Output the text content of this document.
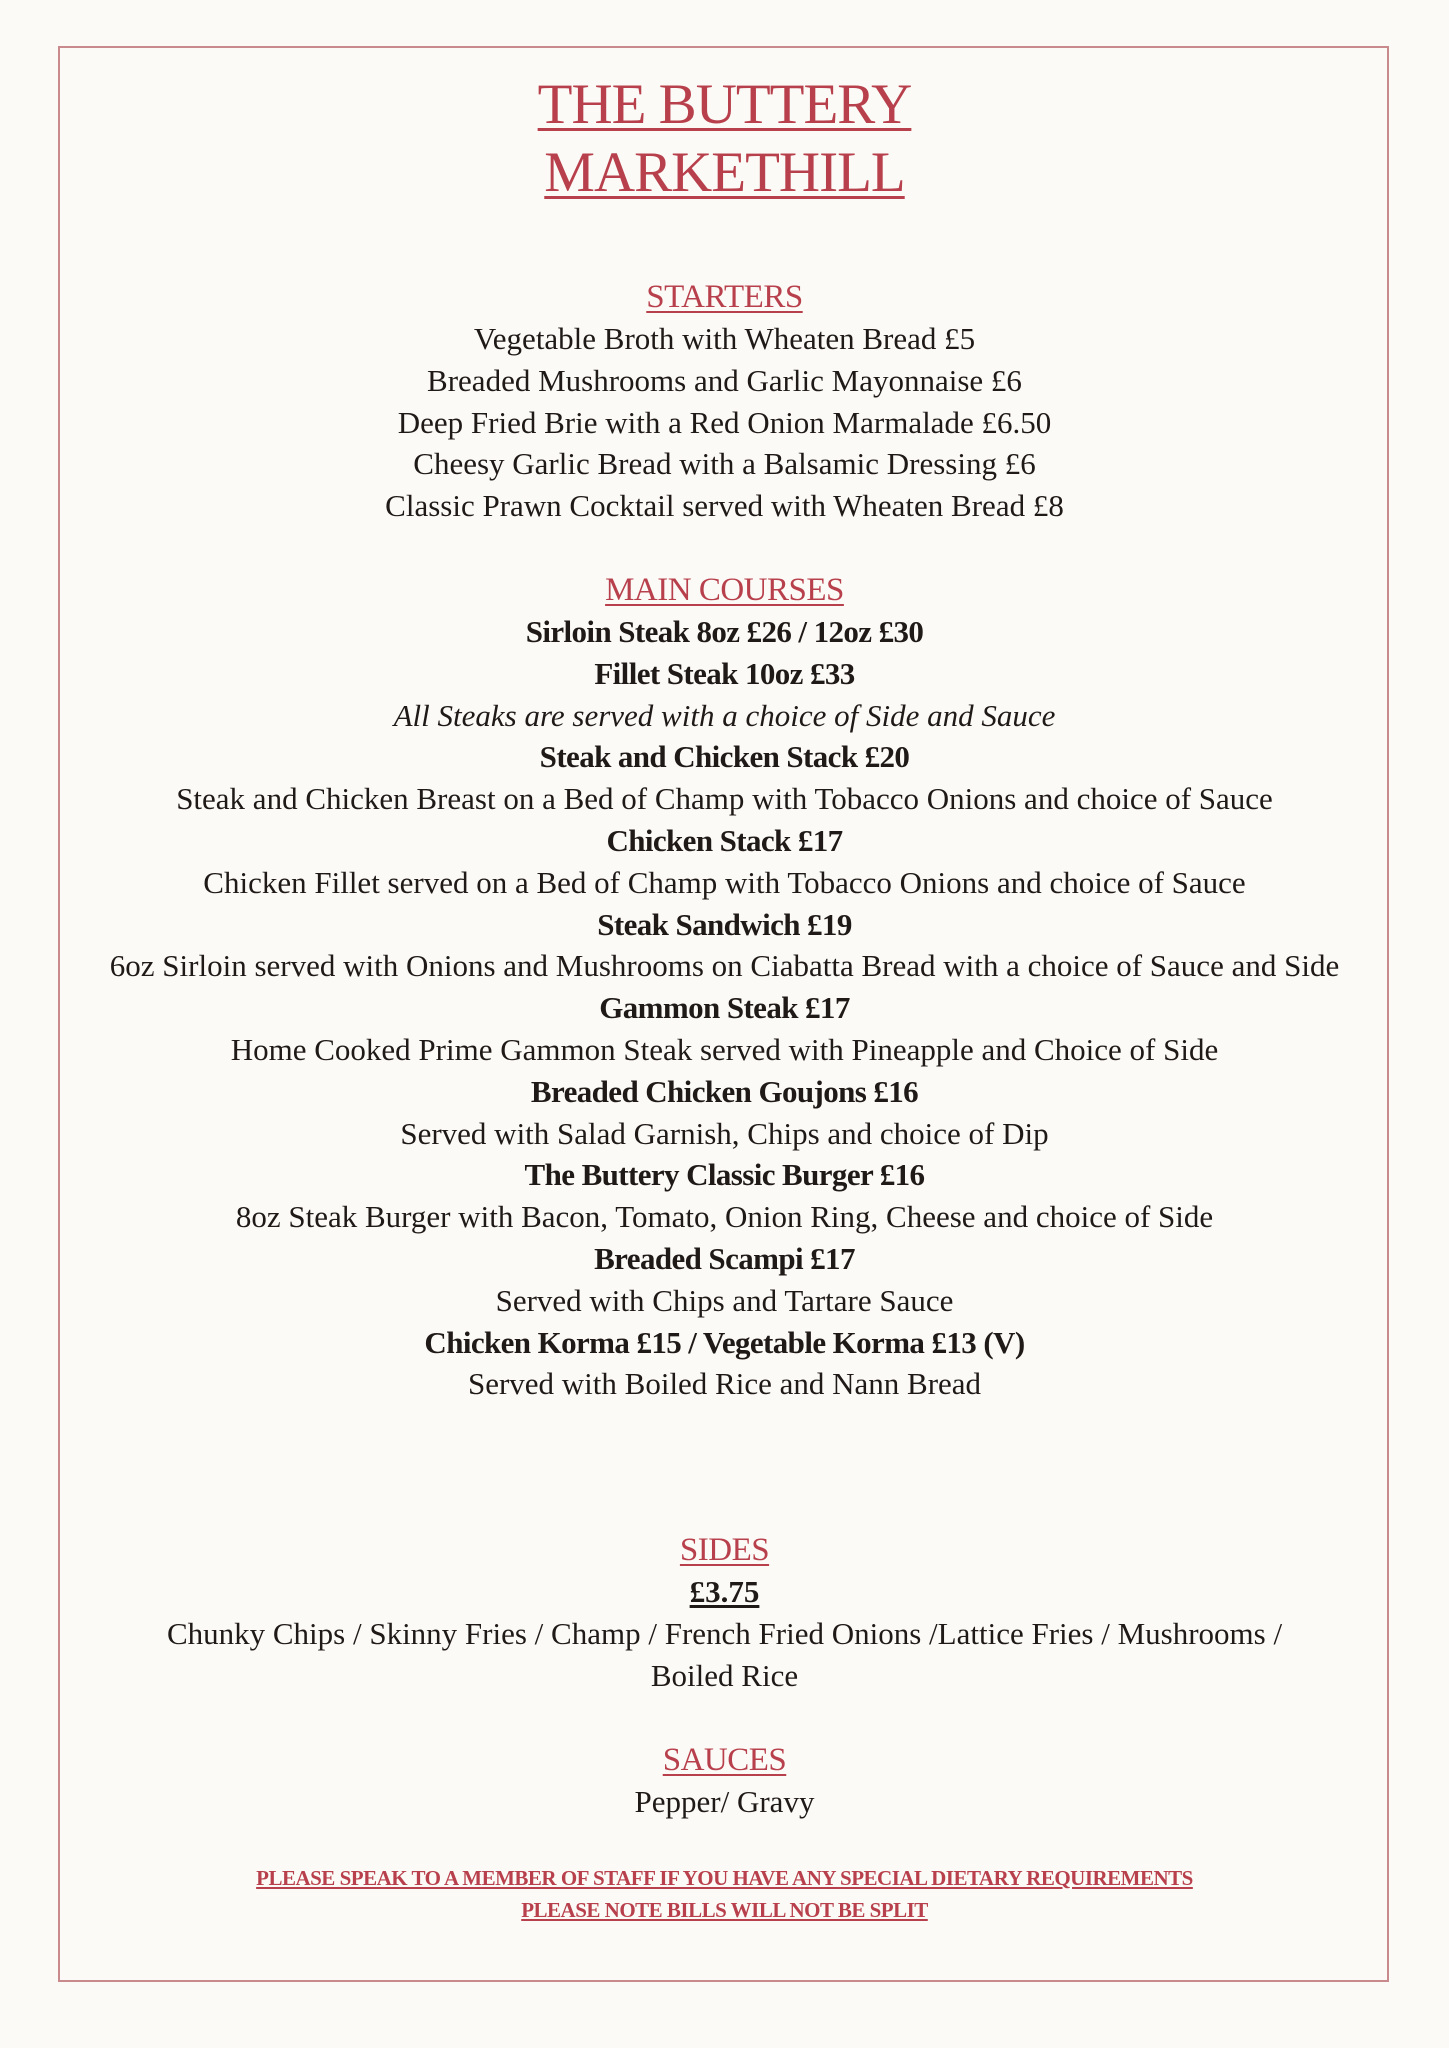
THE BUTTERY
MARKETHILL
STARTERS
Vegetable Broth with Wheaten Bread £5
Breaded Mushrooms and Garlic Mayonnaise £6
Deep Fried Brie with a Red Onion Marmalade £6.50
Cheesy Garlic Bread with a Balsamic Dressing £6
Classic Prawn Cocktail served with Wheaten Bread £8
MAIN COURSES
Sirloin Steak 8oz £26 / 12oz £30
Fillet Steak 10oz £33
All Steaks are served with a choice of Side and Sauce
Steak and Chicken Stack £20
Steak and Chicken Breast on a Bed of Champ with Tobacco Onions and choice of Sauce
Chicken Stack £17
Chicken Fillet served on a Bed of Champ with Tobacco Onions and choice of Sauce
Steak Sandwich £19
6oz Sirloin served with Onions and Mushrooms on Ciabatta Bread with a choice of Sauce and Side
Gammon Steak £17
Home Cooked Prime Gammon Steak served with Pineapple and Choice of Side
Breaded Chicken Goujons £16
Served with Salad Garnish, Chips and choice of Dip
The Buttery Classic Burger £16
8oz Steak Burger with Bacon, Tomato, Onion Ring, Cheese and choice of Side
Breaded Scampi £17
Served with Chips and Tartare Sauce
Chicken Korma £15 / Vegetable Korma £13 (V)
Served with Boiled Rice and Nann Bread
SIDES
£3.75
Chunky Chips / Skinny Fries / Champ / French Fried Onions /Lattice Fries / Mushrooms / Boiled Rice
SAUCES
Pepper/ Gravy
PLEASE SPEAK TO A MEMBER OF STAFF IF YOU HAVE ANY SPECIAL DIETARY REQUIREMENTS
PLEASE NOTE BILLS WILL NOT BE SPLIT
